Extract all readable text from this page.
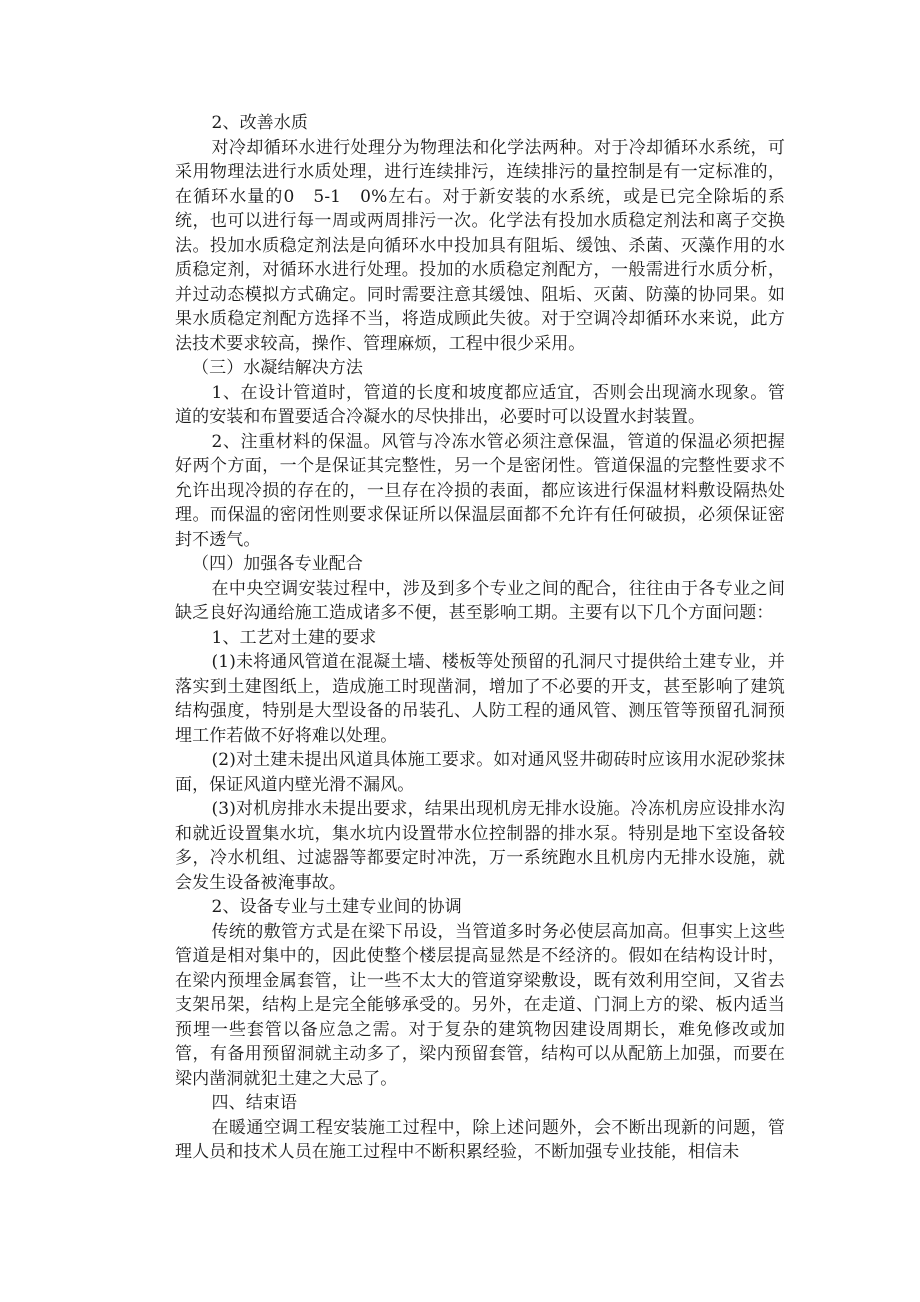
2、改善水质

对冷却循环水进行处理分为物理法和化学法两种。对于冷却循环水系统，可采用物理法进行水质处理，进行连续排污，连续排污的量控制是有一定标准的，在循环水量的0　5-1　0%左右。对于新安装的水系统，或是已完全除垢的系统，也可以进行每一周或两周排污一次。化学法有投加水质稳定剂法和离子交换法。投加水质稳定剂法是向循环水中投加具有阻垢、缓蚀、杀菌、灭藻作用的水质稳定剂，对循环水进行处理。投加的水质稳定剂配方，一般需进行水质分析，并过动态模拟方式确定。同时需要注意其缓蚀、阻垢、灭菌、防藻的协同果。如果水质稳定剂配方选择不当，将造成顾此失彼。对于空调冷却循环水来说，此方法技术要求较高，操作、管理麻烦，工程中很少采用。

（三）水凝结解决方法

1、在设计管道时，管道的长度和坡度都应适宜，否则会出现滴水现象。管道的安装和布置要适合冷凝水的尽快排出，必要时可以设置水封装置。

2、注重材料的保温。风管与冷冻水管必须注意保温，管道的保温必须把握好两个方面，一个是保证其完整性，另一个是密闭性。管道保温的完整性要求不允许出现冷损的存在的，一旦存在冷损的表面，都应该进行保温材料敷设隔热处理。而保温的密闭性则要求保证所以保温层面都不允许有任何破损，必须保证密封不透气。

（四）加强各专业配合

在中央空调安装过程中，涉及到多个专业之间的配合，往往由于各专业之间缺乏良好沟通给施工造成诸多不便，甚至影响工期。主要有以下几个方面问题：

1、工艺对土建的要求

(1)未将通风管道在混凝土墙、楼板等处预留的孔洞尺寸提供给土建专业，并落实到土建图纸上，造成施工时现凿洞，增加了不必要的开支，甚至影响了建筑结构强度，特别是大型设备的吊装孔、人防工程的通风管、测压管等预留孔洞预埋工作若做不好将难以处理。

(2)对土建未提出风道具体施工要求。如对通风竖井砌砖时应该用水泥砂浆抹面，保证风道内壁光滑不漏风。

(3)对机房排水未提出要求，结果出现机房无排水设施。冷冻机房应设排水沟和就近设置集水坑，集水坑内设置带水位控制器的排水泵。特别是地下室设备较多，冷水机组、过滤器等都要定时冲洗，万一系统跑水且机房内无排水设施，就会发生设备被淹事故。

2、设备专业与土建专业间的协调

传统的敷管方式是在梁下吊设，当管道多时务必使层高加高。但事实上这些管道是相对集中的，因此使整个楼层提高显然是不经济的。假如在结构设计时，在梁内预埋金属套管，让一些不太大的管道穿梁敷设，既有效利用空间，又省去支架吊架，结构上是完全能够承受的。另外，在走道、门洞上方的梁、板内适当预埋一些套管以备应急之需。对于复杂的建筑物因建设周期长，难免修改或加管，有备用预留洞就主动多了，梁内预留套管，结构可以从配筋上加强，而要在梁内凿洞就犯土建之大忌了。

四、结束语

在暖通空调工程安装施工过程中，除上述问题外，会不断出现新的问题，管理人员和技术人员在施工过程中不断积累经验，不断加强专业技能，相信未
